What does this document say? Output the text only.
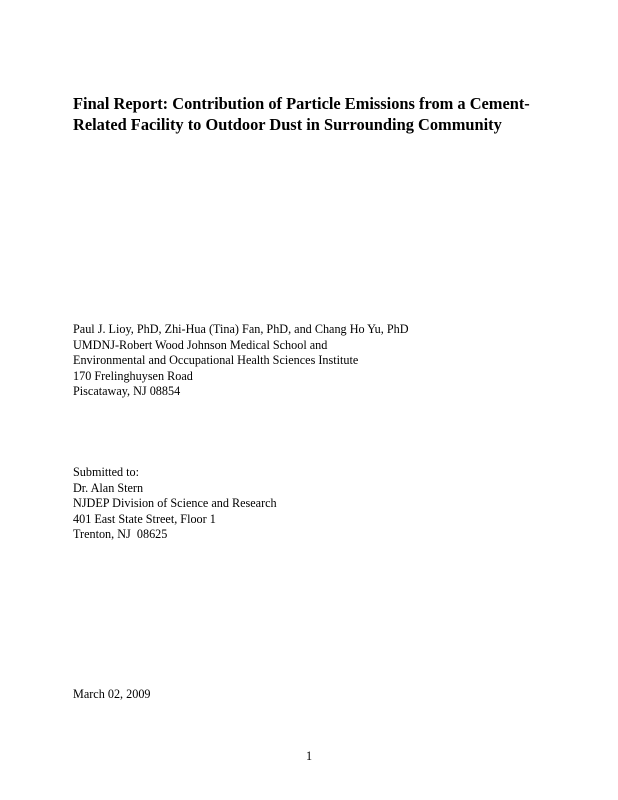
Final Report: Contribution of Particle Emissions from a Cement-
Related Facility to Outdoor Dust in Surrounding Community
Paul J. Lioy, PhD, Zhi-Hua (Tina) Fan, PhD, and Chang Ho Yu, PhD
UMDNJ-Robert Wood Johnson Medical School and
Environmental and Occupational Health Sciences Institute
170 Frelinghuysen Road
Piscataway, NJ 08854
Submitted to:
Dr. Alan Stern
NJDEP Division of Science and Research
401 East State Street, Floor 1
Trenton, NJ  08625
March 02, 2009
1
